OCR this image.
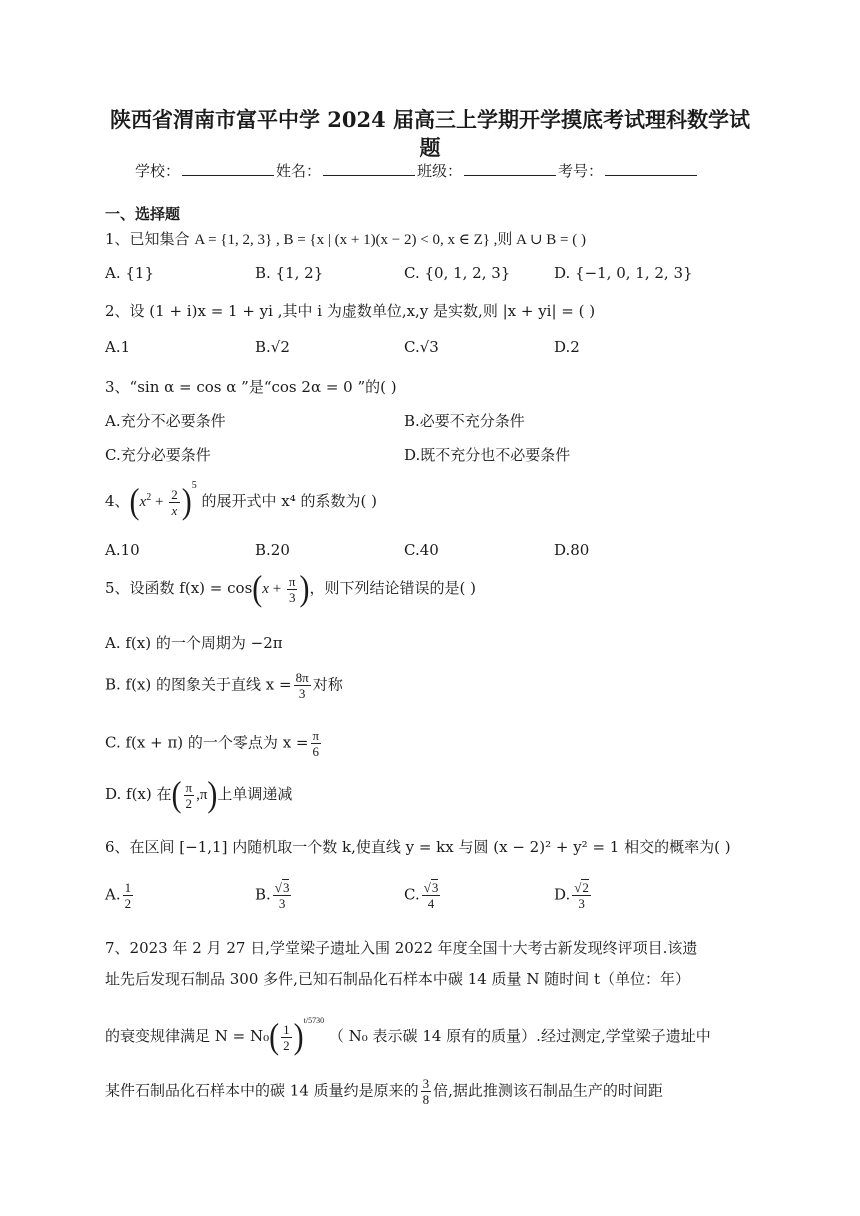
陕西省渭南市富平中学 2024 届高三上学期开学摸底考试理科数学试
题
学校：	姓名：	班级：	考号：
一、选择题
1、已知集合 A = {1, 2, 3} , B = {x | (x + 1)(x − 2) < 0, x ∈ Z} ,则 A ∪ B = ( )
A. {1}	B. {1, 2}	C. {0, 1, 2, 3}	D. {−1, 0, 1, 2, 3}
2、设 (1 + i)x = 1 + yi ,其中 i 为虚数单位,x,y 是实数,则 |x + yi| = ( )
A.1	B.√2	C.√3	D.2
3、“sin α = cos α ”是“cos 2α = 0 ”的( )
A.充分不必要条件	B.必要不充分条件
C.充分必要条件	D.既不充分也不必要条件
4、$(x^2 + \frac{2}{x} )^5$ 的展开式中 x⁴ 的系数为( )
A.10	B.20	C.40	D.80
5、设函数 $f(x) = \cos(x + \frac{\pi}{3}$ )，则下列结论错误的是( )
A. f(x) 的一个周期为 −2π
B. f(x) 的图象关于直线 $x = \frac{8\pi}{3}$ 对称
C. f(x + π) 的一个零点为 $x = \frac{\pi}{6}$
D. f(x) 在( $\frac{\pi}{2} ,\pi$)上单调递减
6、在区间 [−1,1] 内随机取一个数 k,使直线 y = kx 与圆 (x − 2)² + y² = 1 相交的概率为( )
A. $\frac{1}{2}$	B. $\frac{√3}{3}$	C. $\frac{√3}{4}$	D. $\frac{√2}{3}$
7、2023 年 2 月 27 日,学堂梁子遗址入围 2022 年度全国十大考古新发现终评项目.该遗
址先后发现石制品 300 多件,已知石制品化石样本中碳 14 质量 N 随时间 t（单位：年）
的衰变规律满足 $N = N_0( \frac{1}{2} )^{t/5730}$ （ N₀ 表示碳 14 原有的质量）.经过测定,学堂梁子遗址中
某件石制品化石样本中的碳 14 质量约是原来的 $\frac{3}{8}$ 倍,据此推测该石制品生产的时间距
